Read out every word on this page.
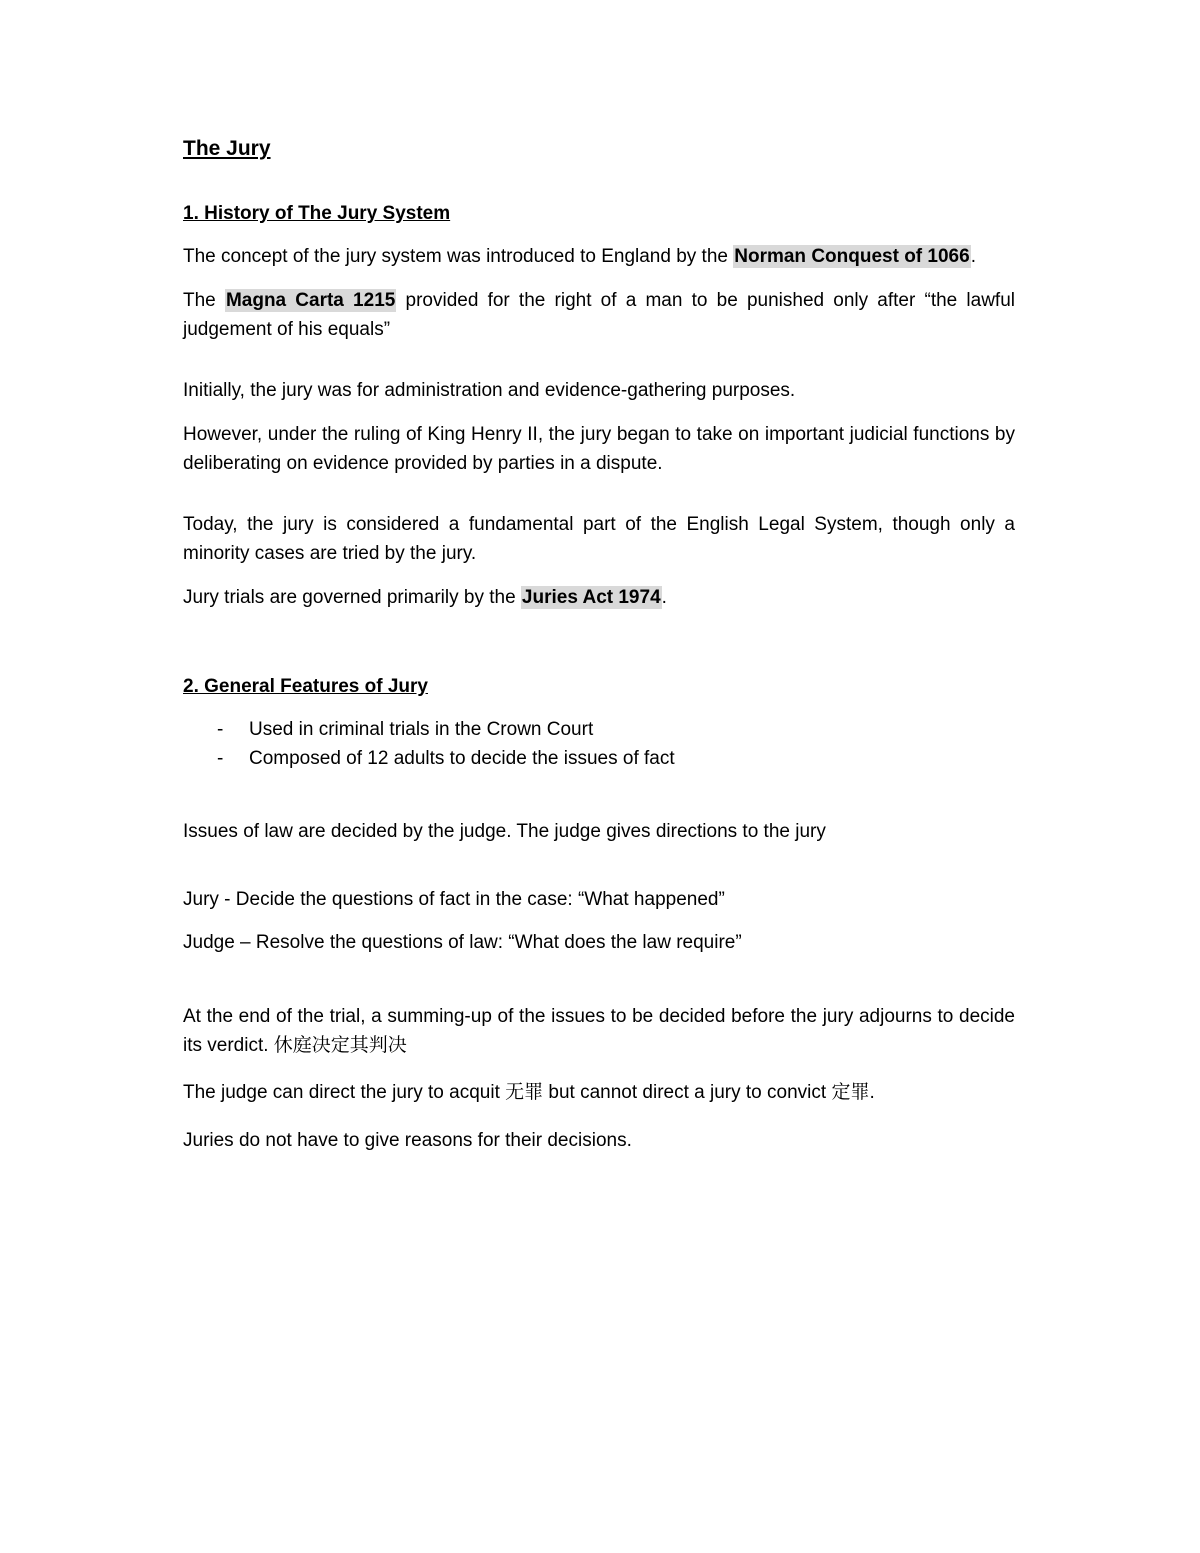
The Jury
1. History of The Jury System

The concept of the jury system was introduced to England by the Norman Conquest of 1066.

The Magna Carta 1215 provided for the right of a man to be punished only after “the lawful judgement of his equals”

Initially, the jury was for administration and evidence-gathering purposes.

However, under the ruling of King Henry II, the jury began to take on important judicial functions by deliberating on evidence provided by parties in a dispute.

Today, the jury is considered a fundamental part of the English Legal System, though only a minority cases are tried by the jury.

Jury trials are governed primarily by the Juries Act 1974.

2. General Features of Jury
- Used in criminal trials in the Crown Court
- Composed of 12 adults to decide the issues of fact

Issues of law are decided by the judge. The judge gives directions to the jury

Jury - Decide the questions of fact in the case: “What happened”

Judge – Resolve the questions of law: “What does the law require”

At the end of the trial, a summing-up of the issues to be decided before the jury adjourns to decide its verdict. 休庭决定其判决

The judge can direct the jury to acquit 无罪 but cannot direct a jury to convict 定罪.

Juries do not have to give reasons for their decisions.
